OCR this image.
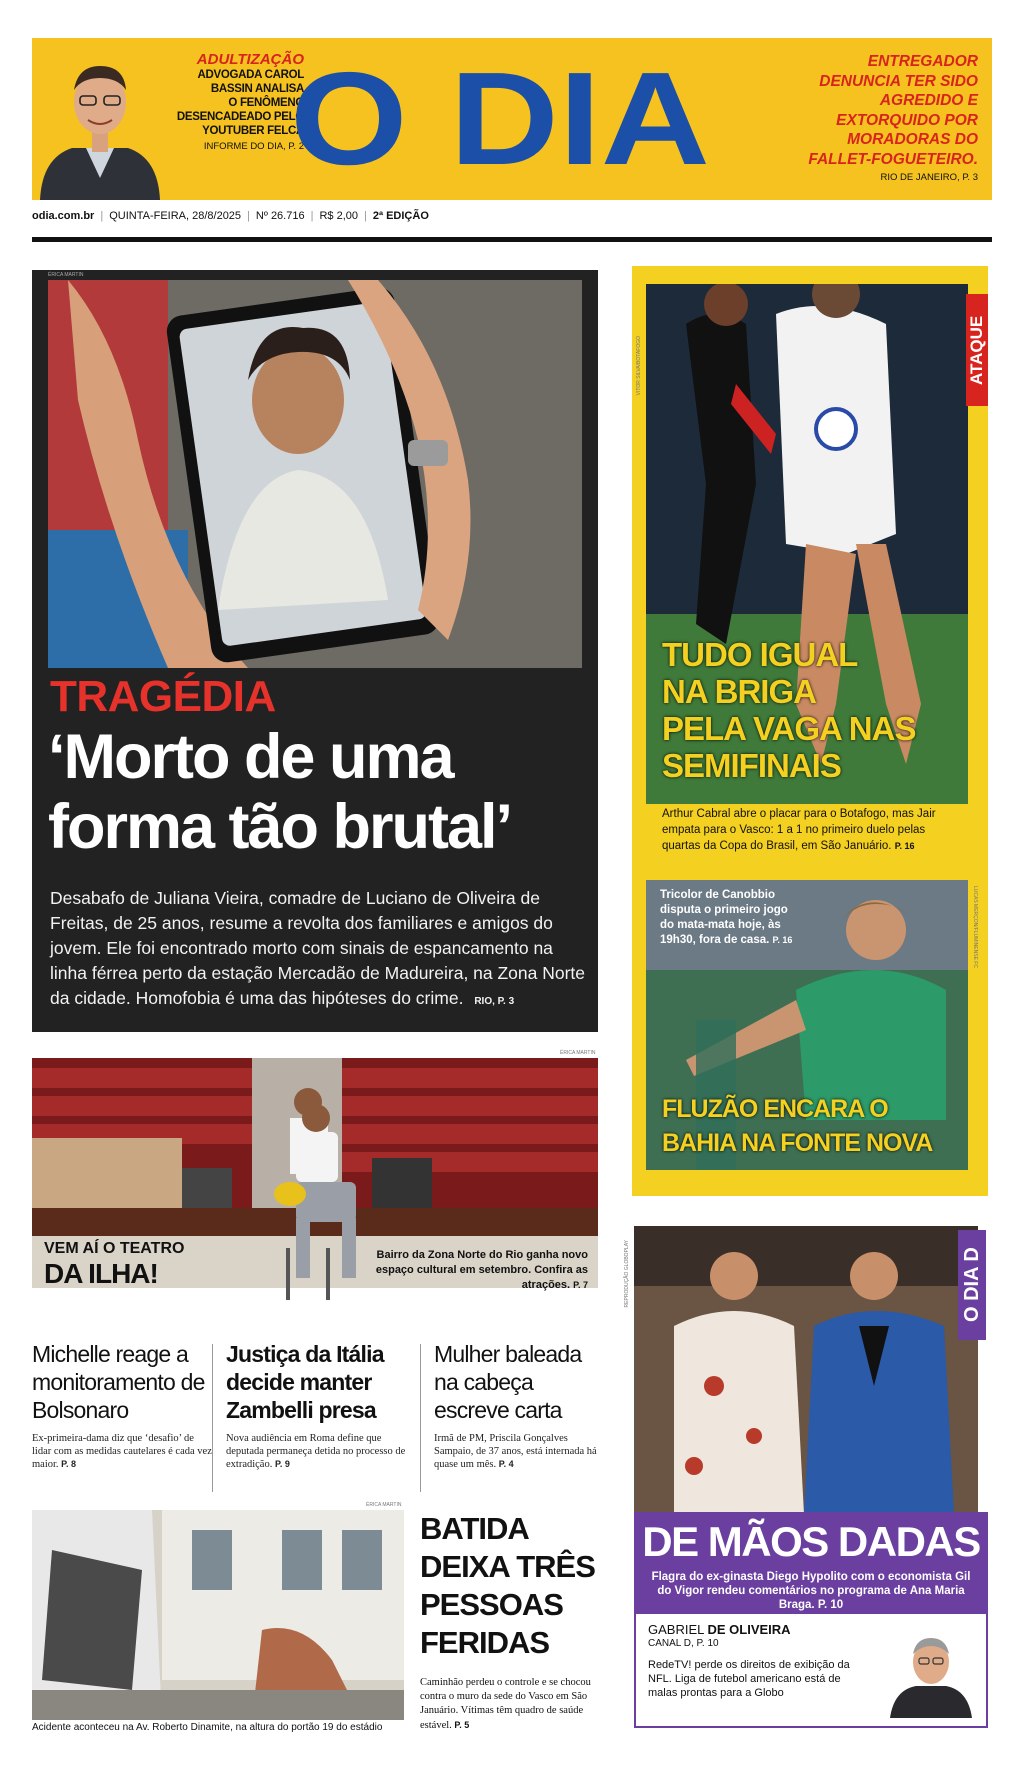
ADULTIZAÇÃO
ADVOGADA CAROL
BASSIN ANALISA
O FENÔMENO
DESENCADEADO PELO
YOUTUBER FELCA
INFORME DO DIA, P. 2
O DIA	ENTREGADOR
DENUNCIA TER SIDO
AGREDIDO E
EXTORQUIDO POR
MORADORAS DO
FALLET-FOGUETEIRO.
RIO DE JANEIRO, P. 3
odia.com.br | QUINTA-FEIRA, 28/8/2025 | Nº 26.716 | R$ 2,00 | 2ª EDIÇÃO
ÉRICA MARTIN
TRAGÉDIA
‘Morto de uma
forma tão brutal’
Desabafo de Juliana Vieira, comadre de Luciano de Oliveira de Freitas, de 25 anos, resume a revolta dos familiares e amigos do jovem. Ele foi encontrado morto com sinais de espancamento na linha férrea perto da estação Mercadão de Madureira, na Zona Norte da cidade. Homofobia é uma das hipóteses do crime. RIO, P. 3
VITOR SILVA/BOTAFOGO	ATAQUE
TUDO IGUAL
NA BRIGA
PELA VAGA NAS
SEMIFINAIS
Arthur Cabral abre o placar para o Botafogo, mas Jair empata para o Vasco: 1 a 1 no primeiro duelo pelas quartas da Copa do Brasil, em São Januário. P. 16
LUCAS MERÇON/FLUMINENSE FC
Tricolor de Canobbio disputa o primeiro jogo do mata-mata hoje, às 19h30, fora de casa. P. 16
FLUZÃO ENCARA O
BAHIA NA FONTE NOVA
ÉRICA MARTIN
VEM AÍ O TEATRO
DA ILHA!
Bairro da Zona Norte do Rio ganha novo espaço cultural em setembro. Confira as atrações. P. 7
Michelle reage a monitoramento de Bolsonaro
Ex-primeira-dama diz que ‘desafio’ de lidar com as medidas cautelares é cada vez maior. P. 8
Justiça da Itália decide manter Zambelli presa
Nova audiência em Roma define que deputada permaneça detida no processo de extradição. P. 9
Mulher baleada na cabeça escreve carta
Irmã de PM, Priscila Gonçalves Sampaio, de 37 anos, está internada há quase um mês. P. 4
ÉRICA MARTIN
Acidente aconteceu na Av. Roberto Dinamite, na altura do portão 19 do estádio
BATIDA
DEIXA TRÊS
PESSOAS
FERIDAS
Caminhão perdeu o controle e se chocou contra o muro da sede do Vasco em São Januário. Vítimas têm quadro de saúde estável. P. 5
REPRODUÇÃO GLOBOPLAY	O DIA D
DE MÃOS DADAS
Flagra do ex-ginasta Diego Hypolito com o economista Gil do Vigor rendeu comentários no programa de Ana Maria Braga. P. 10
GABRIEL DE OLIVEIRA
CANAL D, P. 10
RedeTV! perde os direitos de exibição da NFL. Liga de futebol americano está de malas prontas para a Globo
